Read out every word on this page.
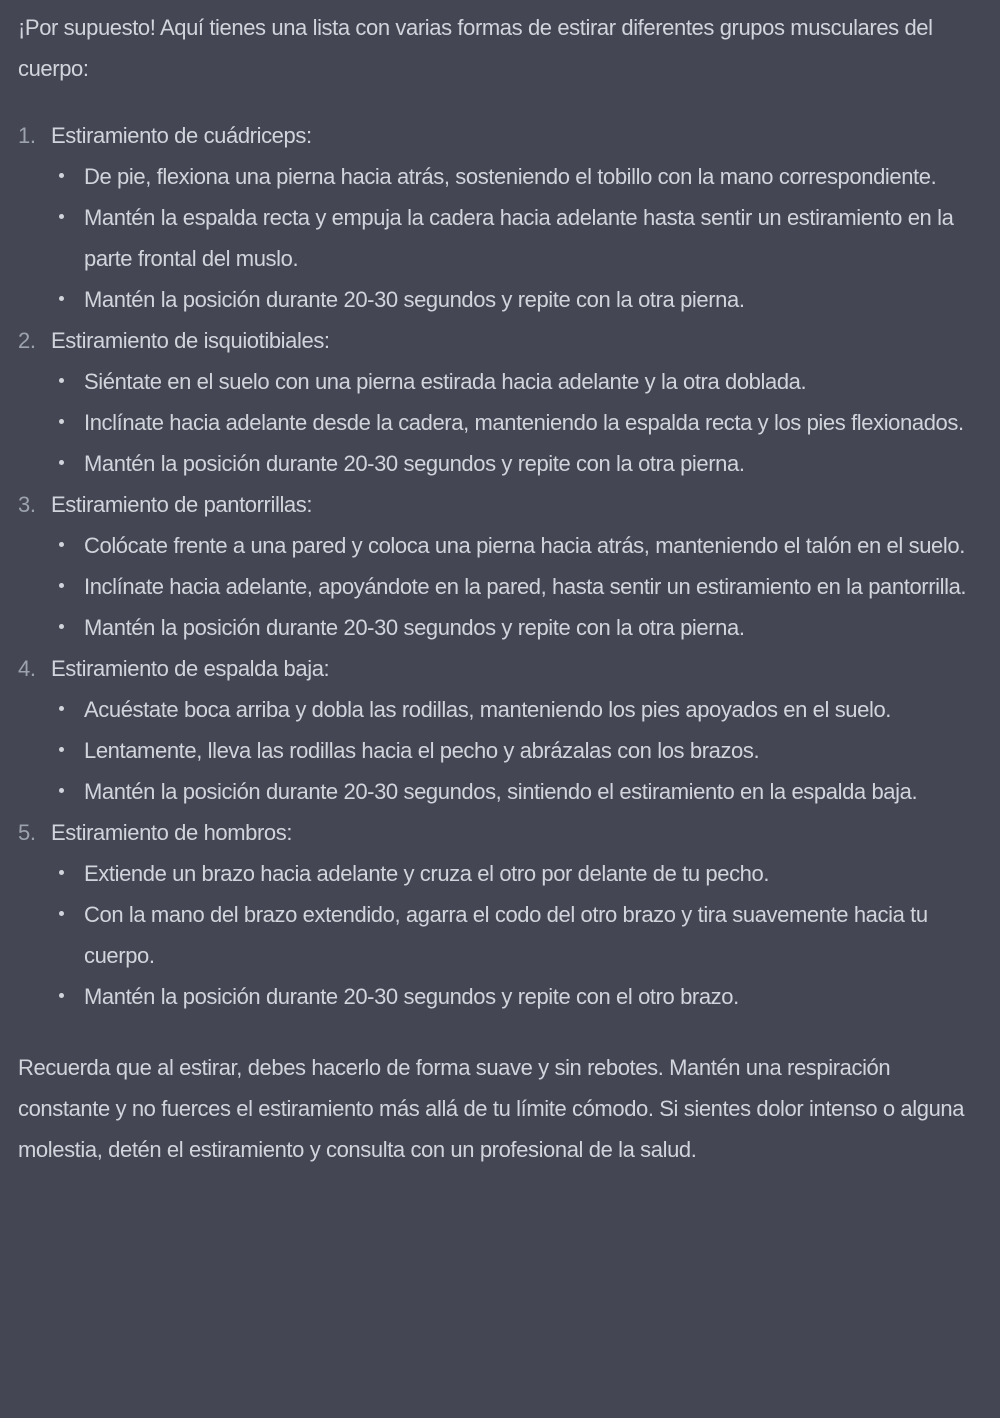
¡Por supuesto! Aquí tienes una lista con varias formas de estirar diferentes grupos musculares del cuerpo:

1. Estiramiento de cuádriceps:
De pie, flexiona una pierna hacia atrás, sosteniendo el tobillo con la mano correspondiente.
Mantén la espalda recta y empuja la cadera hacia adelante hasta sentir un estiramiento en la parte frontal del muslo.
Mantén la posición durante 20-30 segundos y repite con la otra pierna.
2. Estiramiento de isquiotibiales:
Siéntate en el suelo con una pierna estirada hacia adelante y la otra doblada.
Inclínate hacia adelante desde la cadera, manteniendo la espalda recta y los pies flexionados.
Mantén la posición durante 20-30 segundos y repite con la otra pierna.
3. Estiramiento de pantorrillas:
Colócate frente a una pared y coloca una pierna hacia atrás, manteniendo el talón en el suelo.
Inclínate hacia adelante, apoyándote en la pared, hasta sentir un estiramiento en la pantorrilla.
Mantén la posición durante 20-30 segundos y repite con la otra pierna.
4. Estiramiento de espalda baja:
Acuéstate boca arriba y dobla las rodillas, manteniendo los pies apoyados en el suelo.
Lentamente, lleva las rodillas hacia el pecho y abrázalas con los brazos.
Mantén la posición durante 20-30 segundos, sintiendo el estiramiento en la espalda baja.
5. Estiramiento de hombros:
Extiende un brazo hacia adelante y cruza el otro por delante de tu pecho.
Con la mano del brazo extendido, agarra el codo del otro brazo y tira suavemente hacia tu cuerpo.
Mantén la posición durante 20-30 segundos y repite con el otro brazo.

Recuerda que al estirar, debes hacerlo de forma suave y sin rebotes. Mantén una respiración constante y no fuerces el estiramiento más allá de tu límite cómodo. Si sientes dolor intenso o alguna molestia, detén el estiramiento y consulta con un profesional de la salud.
